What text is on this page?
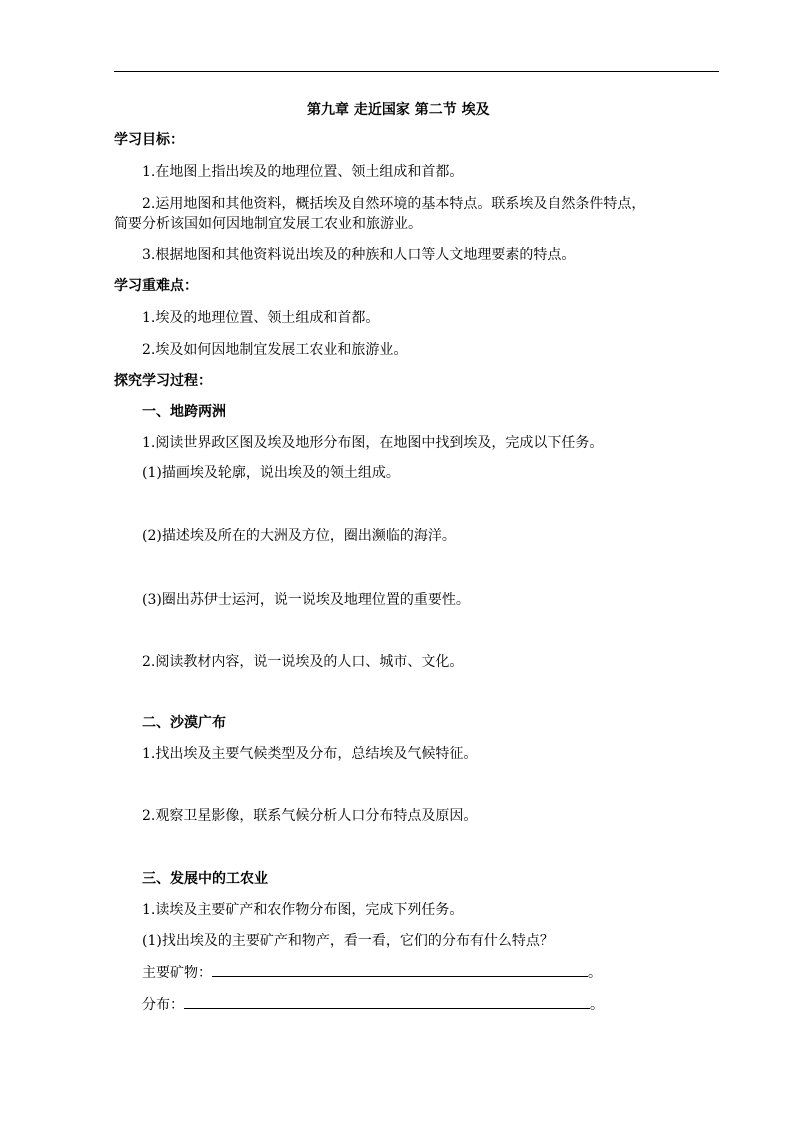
第九章 走近国家 第二节 埃及
学习目标：
1.在地图上指出埃及的地理位置、领土组成和首都。
2.运用地图和其他资料，概括埃及自然环境的基本特点。联系埃及自然条件特点，
简要分析该国如何因地制宜发展工农业和旅游业。
3.根据地图和其他资料说出埃及的种族和人口等人文地理要素的特点。
学习重难点：
1.埃及的地理位置、领土组成和首都。
2.埃及如何因地制宜发展工农业和旅游业。
探究学习过程：
一、地跨两洲
1.阅读世界政区图及埃及地形分布图，在地图中找到埃及，完成以下任务。
(1)描画埃及轮廓，说出埃及的领土组成。
(2)描述埃及所在的大洲及方位，圈出濒临的海洋。
(3)圈出苏伊士运河，说一说埃及地理位置的重要性。
2.阅读教材内容，说一说埃及的人口、城市、文化。
二、沙漠广布
1.找出埃及主要气候类型及分布，总结埃及气候特征。
2.观察卫星影像，联系气候分析人口分布特点及原因。
三、发展中的工农业
1.读埃及主要矿产和农作物分布图，完成下列任务。
(1)找出埃及的主要矿产和物产，看一看，它们的分布有什么特点？
主要矿物：	。
分布：	。
